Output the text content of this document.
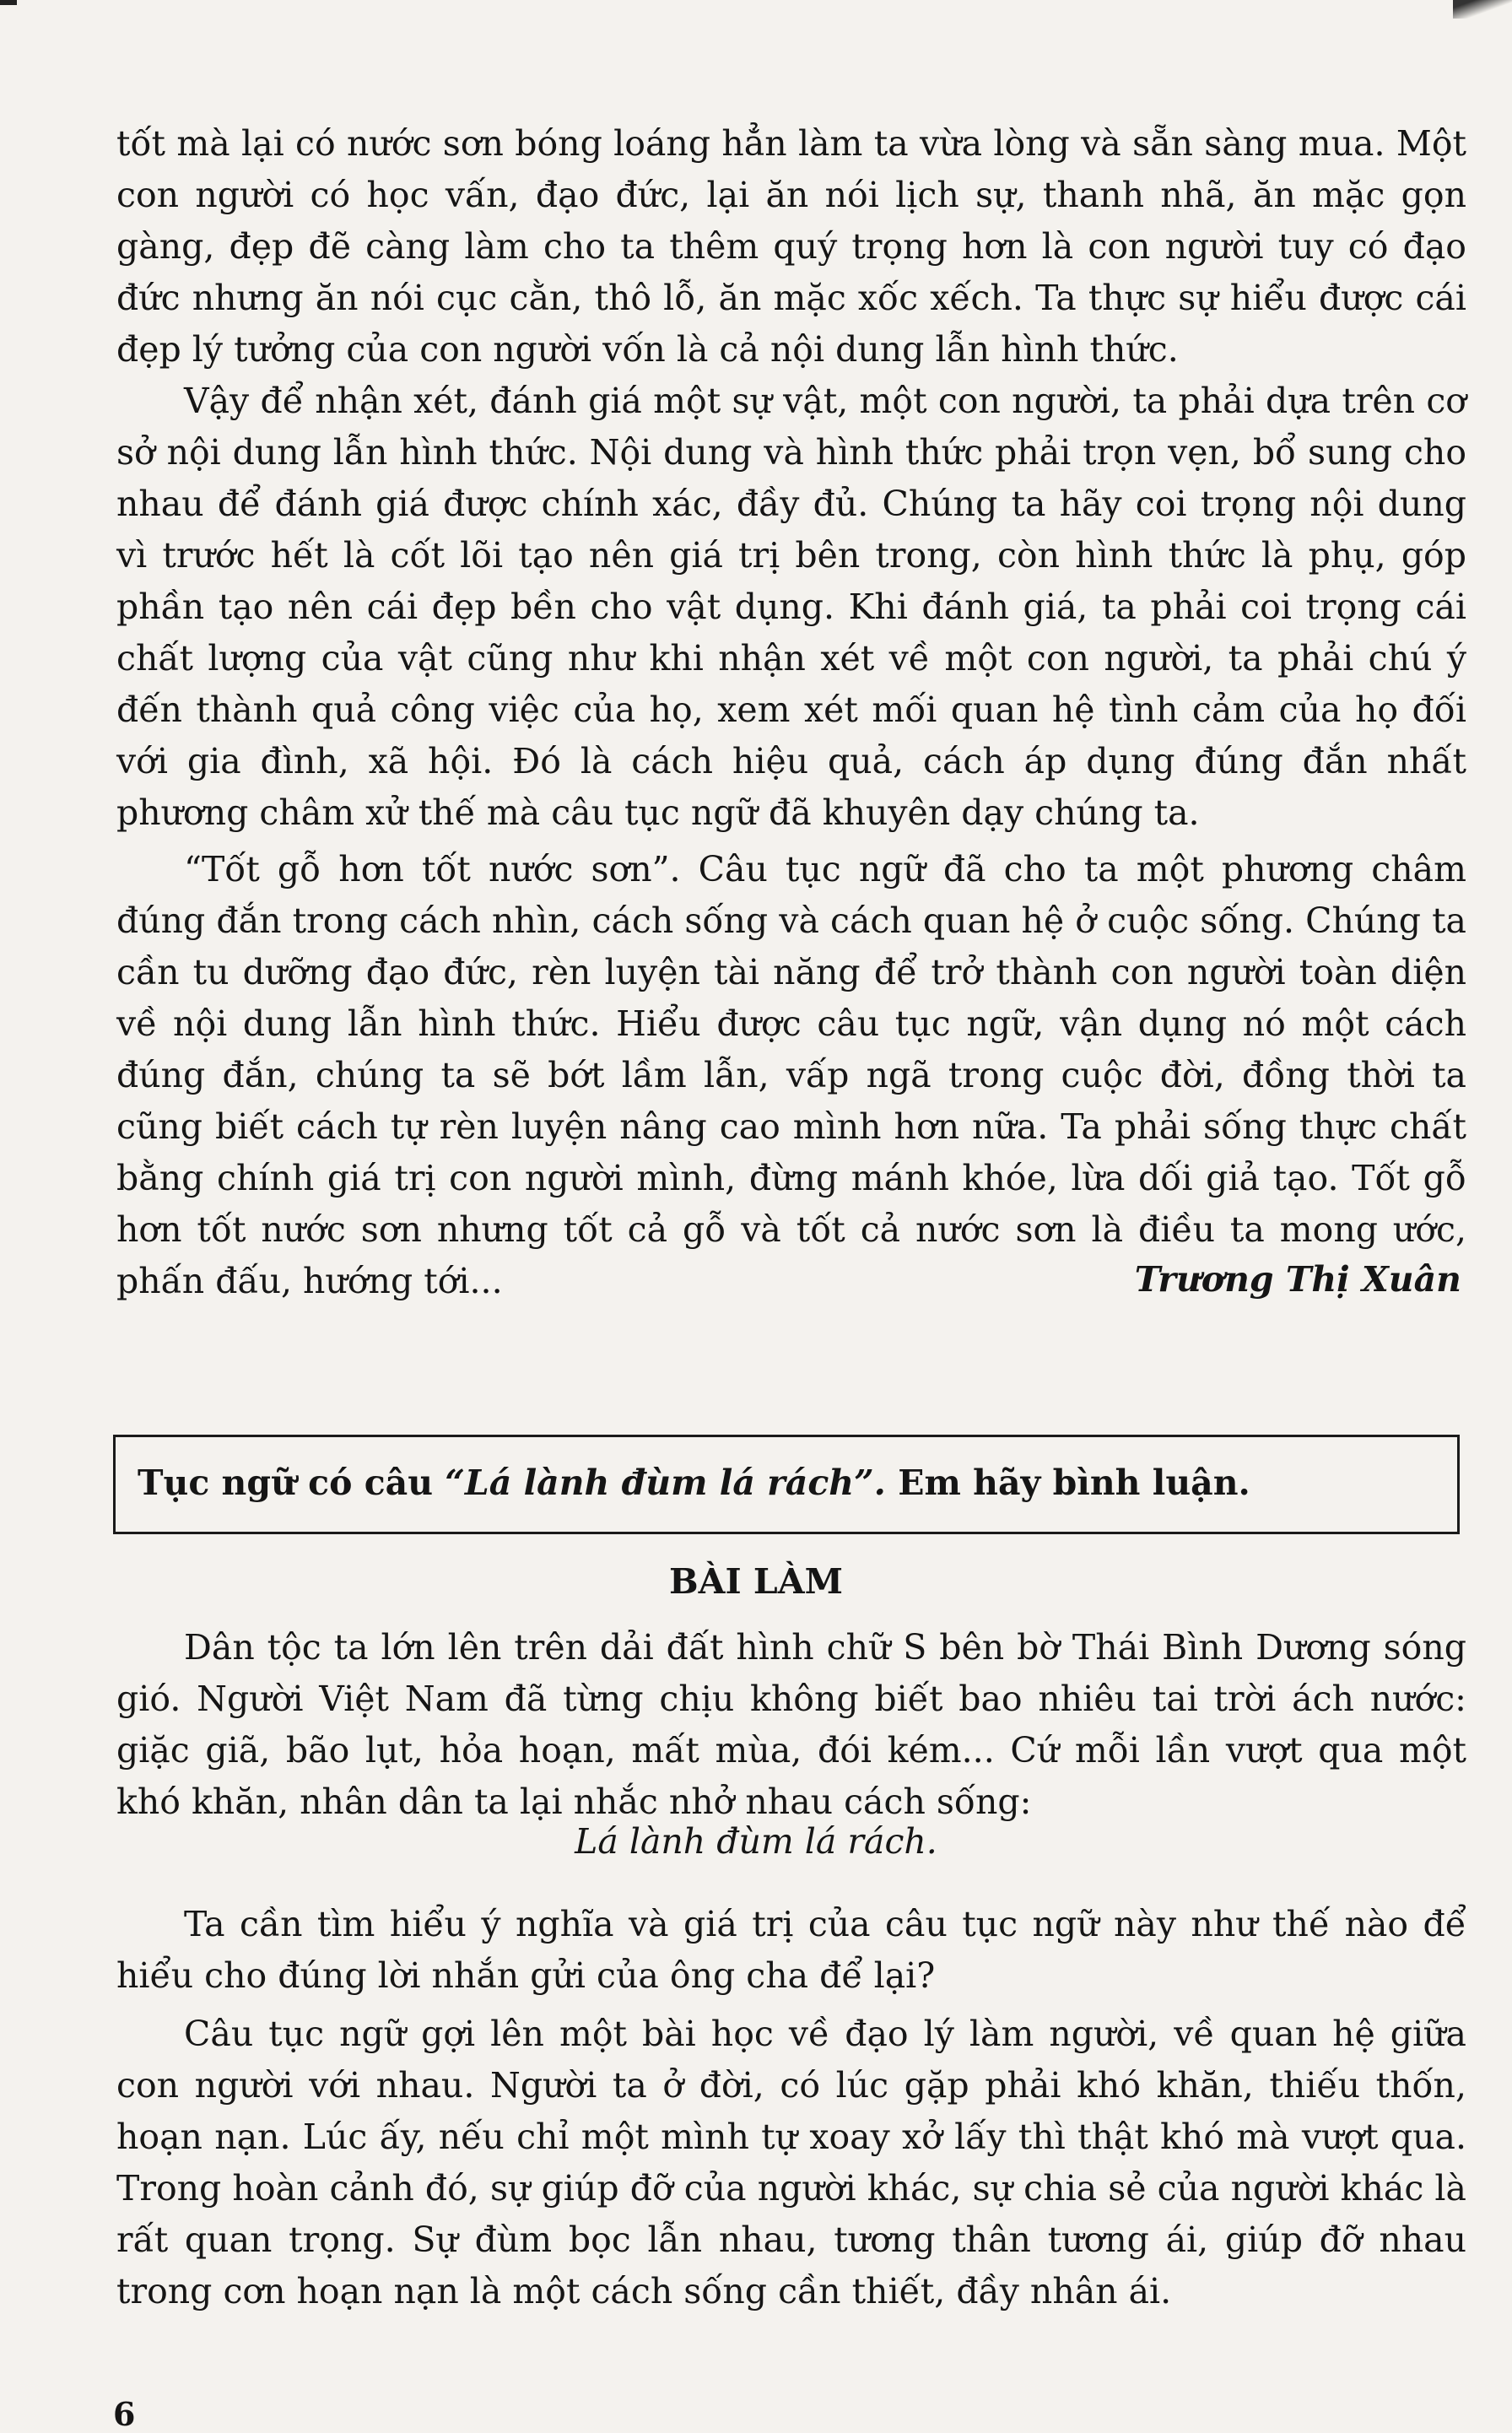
tốt mà lại có nước sơn bóng loáng hẳn làm ta vừa lòng và sẵn sàng mua. Một con người có học vấn, đạo đức, lại ăn nói lịch sự, thanh nhã, ăn mặc gọn gàng, đẹp đẽ càng làm cho ta thêm quý trọng hơn là con người tuy có đạo đức nhưng ăn nói cục cằn, thô lỗ, ăn mặc xốc xếch. Ta thực sự hiểu được cái đẹp lý tưởng của con người vốn là cả nội dung lẫn hình thức.

Vậy để nhận xét, đánh giá một sự vật, một con người, ta phải dựa trên cơ sở nội dung lẫn hình thức. Nội dung và hình thức phải trọn vẹn, bổ sung cho nhau để đánh giá được chính xác, đầy đủ. Chúng ta hãy coi trọng nội dung vì trước hết là cốt lõi tạo nên giá trị bên trong, còn hình thức là phụ, góp phần tạo nên cái đẹp bền cho vật dụng. Khi đánh giá, ta phải coi trọng cái chất lượng của vật cũng như khi nhận xét về một con người, ta phải chú ý đến thành quả công việc của họ, xem xét mối quan hệ tình cảm của họ đối với gia đình, xã hội. Đó là cách hiệu quả, cách áp dụng đúng đắn nhất phương châm xử thế mà câu tục ngữ đã khuyên dạy chúng ta.

“Tốt gỗ hơn tốt nước sơn”. Câu tục ngữ đã cho ta một phương châm đúng đắn trong cách nhìn, cách sống và cách quan hệ ở cuộc sống. Chúng ta cần tu dưỡng đạo đức, rèn luyện tài năng để trở thành con người toàn diện về nội dung lẫn hình thức. Hiểu được câu tục ngữ, vận dụng nó một cách đúng đắn, chúng ta sẽ bớt lầm lẫn, vấp ngã trong cuộc đời, đồng thời ta cũng biết cách tự rèn luyện nâng cao mình hơn nữa. Ta phải sống thực chất bằng chính giá trị con người mình, đừng mánh khóe, lừa dối giả tạo. Tốt gỗ hơn tốt nước sơn nhưng tốt cả gỗ và tốt cả nước sơn là điều ta mong ước, phấn đấu, hướng tới...	Trương Thị Xuân
Tục ngữ có câu “Lá lành đùm lá rách”. Em hãy bình luận.
BÀI LÀM

Dân tộc ta lớn lên trên dải đất hình chữ S bên bờ Thái Bình Dương sóng gió. Người Việt Nam đã từng chịu không biết bao nhiêu tai trời ách nước: giặc giã, bão lụt, hỏa hoạn, mất mùa, đói kém... Cứ mỗi lần vượt qua một khó khăn, nhân dân ta lại nhắc nhở nhau cách sống:

Lá lành đùm lá rách.

Ta cần tìm hiểu ý nghĩa và giá trị của câu tục ngữ này như thế nào để hiểu cho đúng lời nhắn gửi của ông cha để lại?

Câu tục ngữ gợi lên một bài học về đạo lý làm người, về quan hệ giữa con người với nhau. Người ta ở đời, có lúc gặp phải khó khăn, thiếu thốn, hoạn nạn. Lúc ấy, nếu chỉ một mình tự xoay xở lấy thì thật khó mà vượt qua. Trong hoàn cảnh đó, sự giúp đỡ của người khác, sự chia sẻ của người khác là rất quan trọng. Sự đùm bọc lẫn nhau, tương thân tương ái, giúp đỡ nhau trong cơn hoạn nạn là một cách sống cần thiết, đầy nhân ái.

6
